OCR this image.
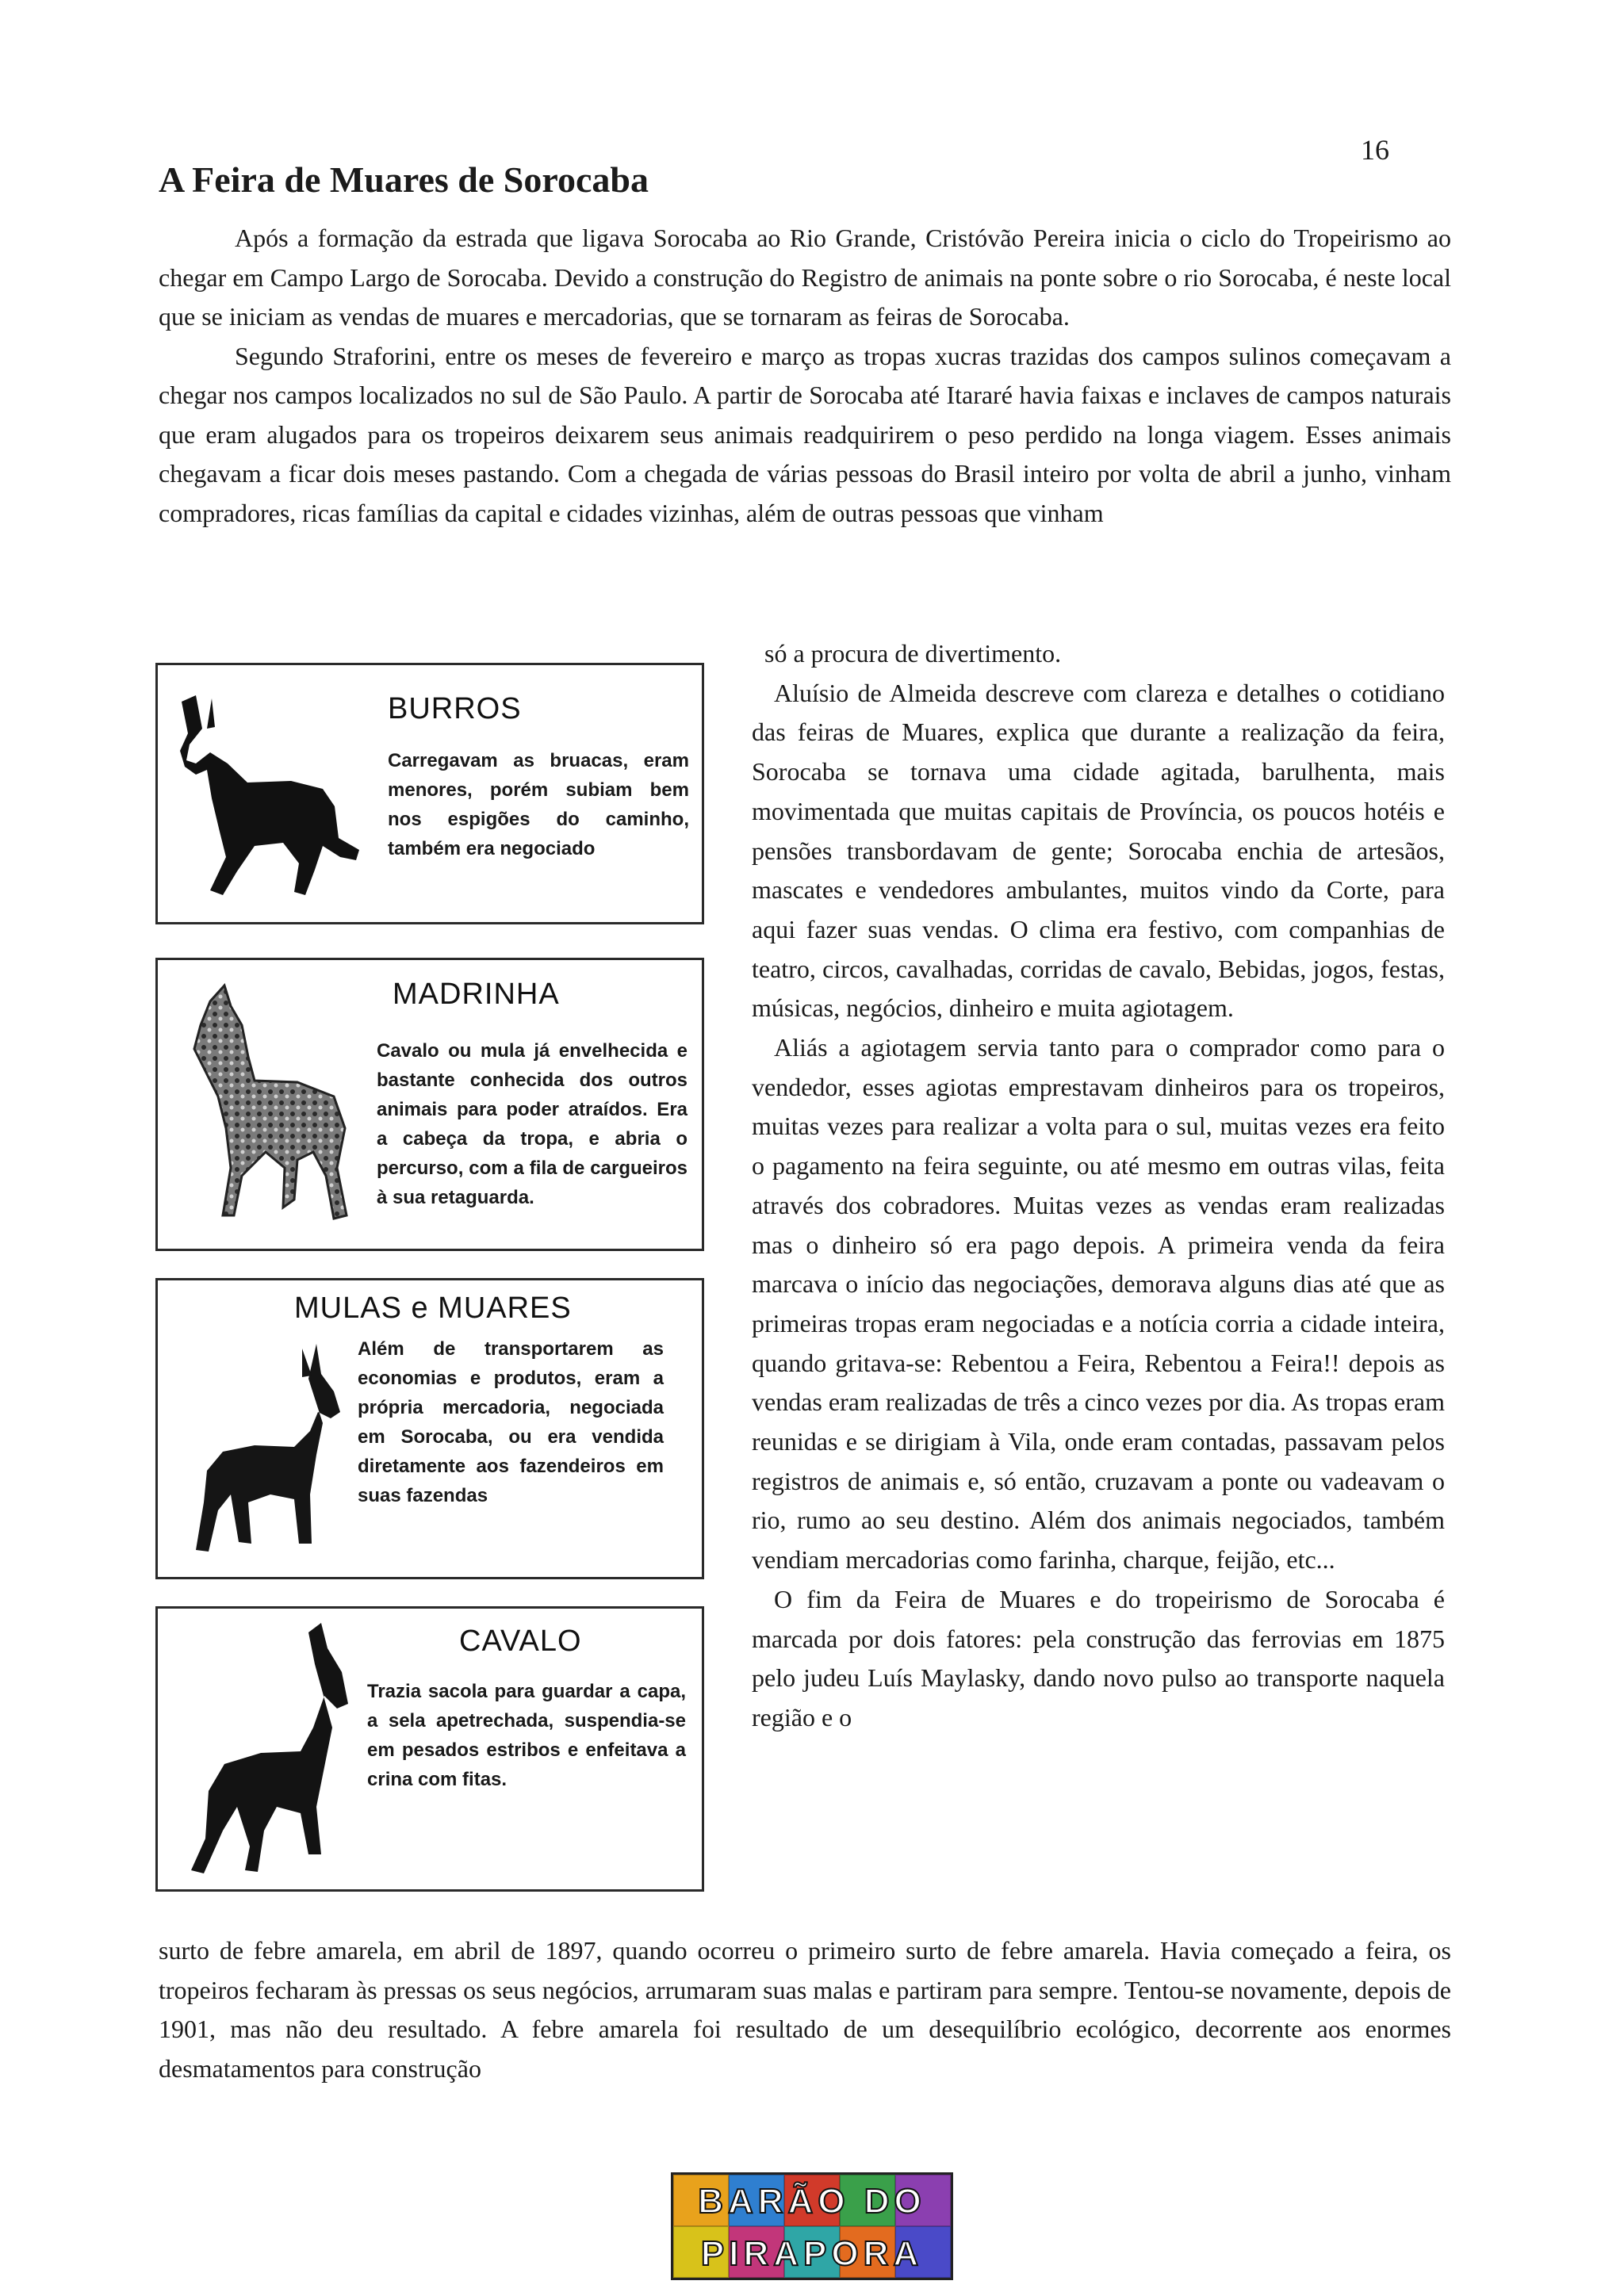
16
A Feira de Muares de Sorocaba

Após a formação da estrada que ligava Sorocaba ao Rio Grande, Cristóvão Pereira inicia o ciclo do Tropeirismo ao chegar em Campo Largo de Sorocaba. Devido a construção do Registro de animais na ponte sobre o rio Sorocaba, é neste local que se iniciam as vendas de muares e mercadorias, que se tornaram as feiras de Sorocaba.

Segundo Straforini, entre os meses de fevereiro e março as tropas xucras trazidas dos campos sulinos começavam a chegar nos campos localizados no sul de São Paulo. A partir de Sorocaba até Itararé havia faixas e inclaves de campos naturais que eram alugados para os tropeiros deixarem seus animais readquirirem o peso perdido na longa viagem. Esses animais chegavam a ficar dois meses pastando. Com a chegada de várias pessoas do Brasil inteiro por volta de abril a junho, vinham compradores, ricas famílias da capital e cidades vizinhas, além de outras pessoas que vinham

só a procura de divertimento.

Aluísio de Almeida descreve com clareza e detalhes o cotidiano das feiras de Muares, explica que durante a realização da feira, Sorocaba se tornava uma cidade agitada, barulhenta, mais movimentada que muitas capitais de Província, os poucos hotéis e pensões transbordavam de gente; Sorocaba enchia de artesãos, mascates e vendedores ambulantes, muitos vindo da Corte, para aqui fazer suas vendas. O clima era festivo, com companhias de teatro, circos, cavalhadas, corridas de cavalo, Bebidas, jogos, festas, músicas, negócios, dinheiro e muita agiotagem.

Aliás a agiotagem servia tanto para o comprador como para o vendedor, esses agiotas emprestavam dinheiros para os tropeiros, muitas vezes para realizar a volta para o sul, muitas vezes era feito o pagamento na feira seguinte, ou até mesmo em outras vilas, feita através dos cobradores. Muitas vezes as vendas eram realizadas mas o dinheiro só era pago depois. A primeira venda da feira marcava o início das negociações, demorava alguns dias até que as primeiras tropas eram negociadas e a notícia corria a cidade inteira, quando gritava-se: Rebentou a Feira, Rebentou a Feira!! depois as vendas eram realizadas de três a cinco vezes por dia. As tropas eram reunidas e se dirigiam à Vila, onde eram contadas, passavam pelos registros de animais e, só então, cruzavam a ponte ou vadeavam o rio, rumo ao seu destino. Além dos animais negociados, também vendiam mercadorias como farinha, charque, feijão, etc...

O fim da Feira de Muares e do tropeirismo de Sorocaba é marcada por dois fatores: pela construção das ferrovias em 1875 pelo judeu Luís Maylasky, dando novo pulso ao transporte naquela região e o

surto de febre amarela, em abril de 1897, quando ocorreu o primeiro surto de febre amarela. Havia começado a feira, os tropeiros fecharam às pressas os seus negócios, arrumaram suas malas e partiram para sempre. Tentou-se novamente, depois de 1901, mas não deu resultado. A febre amarela foi resultado de um desequilíbrio ecológico, decorrente aos enormes desmatamentos para construção

BURROS

Carregavam as bruacas, eram menores, porém subiam bem nos espigões do caminho, também era negociado

MADRINHA

Cavalo ou mula já envelhecida e bastante conhecida dos outros animais para poder atraídos. Era a cabeça da tropa, e abria o percurso, com a fila de cargueiros à sua retaguarda.

MULAS e MUARES

Além de transportarem as economias e produtos, eram a própria mercadoria, negociada em Sorocaba, ou era vendida diretamente aos fazendeiros em suas fazendas

CAVALO

Trazia sacola para guardar a capa, a sela apetrechada, suspendia-se em pesados estribos e enfeitava a crina com fitas.

BARÃO DO
PIRAPORA
